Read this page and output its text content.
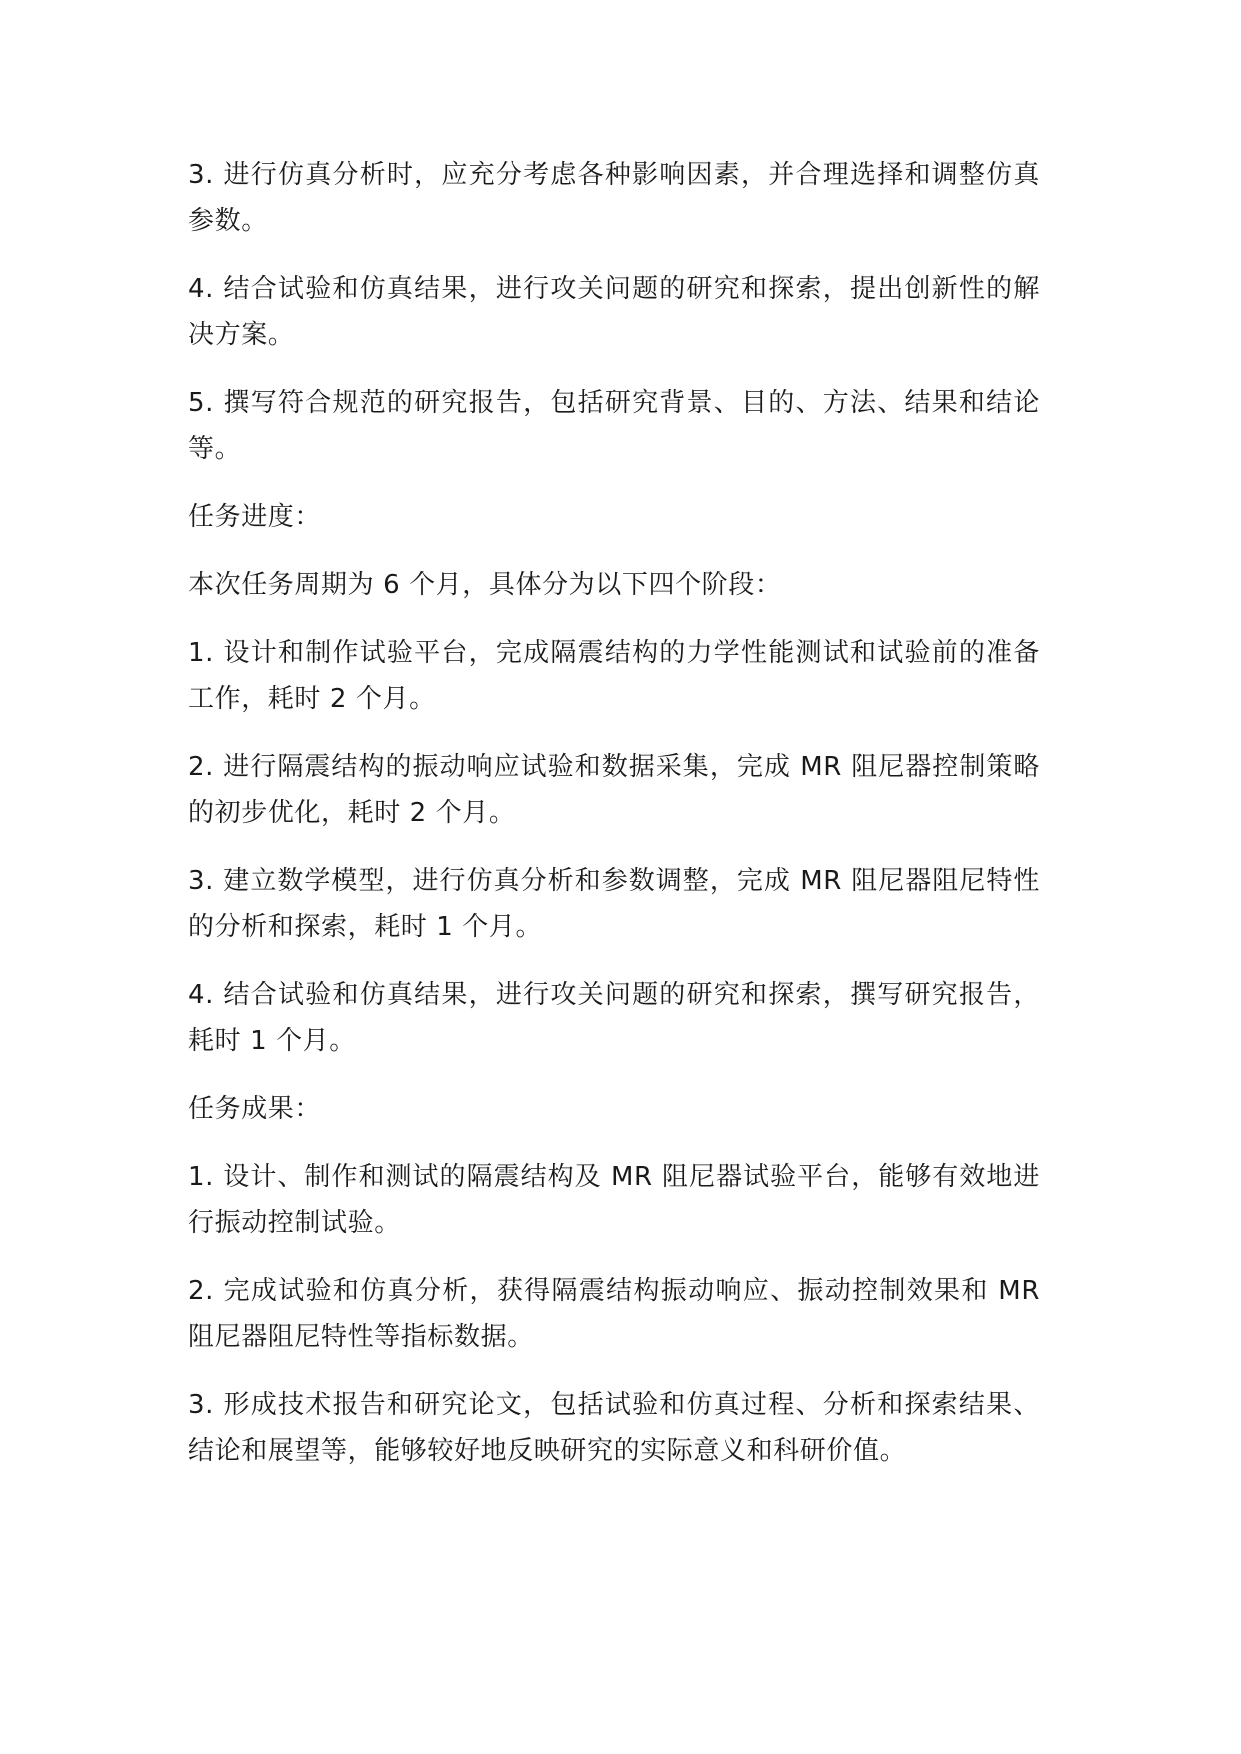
3. 进行仿真分析时，应充分考虑各种影响因素，并合理选择和调整仿真参数。

4. 结合试验和仿真结果，进行攻关问题的研究和探索，提出创新性的解决方案。

5. 撰写符合规范的研究报告，包括研究背景、目的、方法、结果和结论等。

任务进度：

本次任务周期为 6 个月，具体分为以下四个阶段：

1. 设计和制作试验平台，完成隔震结构的力学性能测试和试验前的准备工作，耗时 2 个月。

2. 进行隔震结构的振动响应试验和数据采集，完成 MR 阻尼器控制策略的初步优化，耗时 2 个月。

3. 建立数学模型，进行仿真分析和参数调整，完成 MR 阻尼器阻尼特性的分析和探索，耗时 1 个月。

4. 结合试验和仿真结果，进行攻关问题的研究和探索，撰写研究报告，耗时 1 个月。

任务成果：

1. 设计、制作和测试的隔震结构及 MR 阻尼器试验平台，能够有效地进行振动控制试验。

2. 完成试验和仿真分析，获得隔震结构振动响应、振动控制效果和 MR 阻尼器阻尼特性等指标数据。

3. 形成技术报告和研究论文，包括试验和仿真过程、分析和探索结果、结论和展望等，能够较好地反映研究的实际意义和科研价值。
